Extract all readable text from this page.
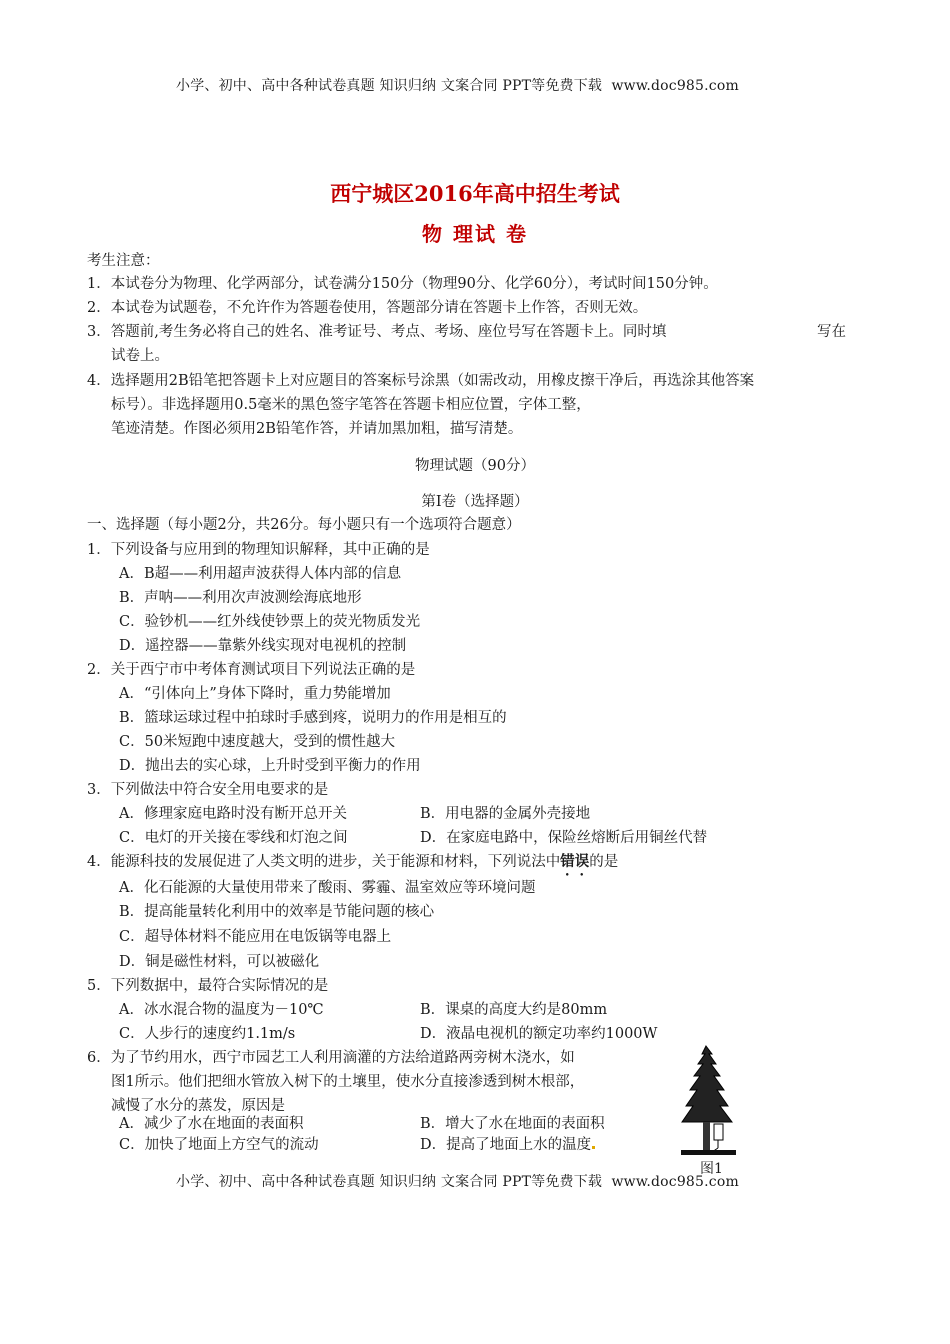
小学、初中、高中各种试卷真题 知识归纳 文案合同 PPT等免费下载 www.doc985.com
西宁城区2016年高中招生考试
物 理试 卷
考生注意：
1．本试卷分为物理、化学两部分，试卷满分150分（物理90分、化学60分），考试时间150分钟。
2．本试卷为试题卷，不允许作为答题卷使用，答题部分请在答题卡上作答，否则无效。
3．答题前,考生务必将自己的姓名、准考证号、考点、考场、座位号写在答题卡上。同时填	写在
试卷上。
4．选择题用2B铅笔把答题卡上对应题目的答案标号涂黑（如需改动，用橡皮擦干净后，再选涂其他答案
标号）。非选择题用0.5毫米的黑色签字笔答在答题卡相应位置，字体工整，
笔迹清楚。作图必须用2B铅笔作答，并请加黑加粗，描写清楚。
物理试题（90分）
第Ⅰ卷（选择题）
一、选择题（每小题2分，共26分。每小题只有一个选项符合题意）
1．下列设备与应用到的物理知识解释，其中正确的是
A．B超——利用超声波获得人体内部的信息
B．声呐——利用次声波测绘海底地形
C．验钞机——红外线使钞票上的荧光物质发光
D．遥控器——靠紫外线实现对电视机的控制
2．关于西宁市中考体育测试项目下列说法正确的是
A．“引体向上”身体下降时，重力势能增加
B．篮球运球过程中拍球时手感到疼，说明力的作用是相互的
C．50米短跑中速度越大，受到的惯性越大
D．抛出去的实心球，上升时受到平衡力的作用
3．下列做法中符合安全用电要求的是
A．修理家庭电路时没有断开总开关	B．用电器的金属外壳接地
C．电灯的开关接在零线和灯泡之间	D．在家庭电路中，保险丝熔断后用铜丝代替
4．能源科技的发展促进了人类文明的进步，关于能源和材料，下列说法中错误的是
A．化石能源的大量使用带来了酸雨、雾霾、温室效应等环境问题
B．提高能量转化利用中的效率是节能问题的核心
C．超导体材料不能应用在电饭锅等电器上
D．铜是磁性材料，可以被磁化
5．下列数据中，最符合实际情况的是
A．冰水混合物的温度为－10℃	B．课桌的高度大约是80mm
C．人步行的速度约1.1m/s	D．液晶电视机的额定功率约1000W
6．为了节约用水，西宁市园艺工人利用滴灌的方法给道路两旁树木浇水，如
图1所示。他们把细水管放入树下的土壤里，使水分直接渗透到树木根部，
减慢了水分的蒸发，原因是
A．减少了水在地面的表面积	B．增大了水在地面的表面积
C．加快了地面上方空气的流动	D．提高了地面上水的温度
图1
小学、初中、高中各种试卷真题 知识归纳 文案合同 PPT等免费下载 www.doc985.com
